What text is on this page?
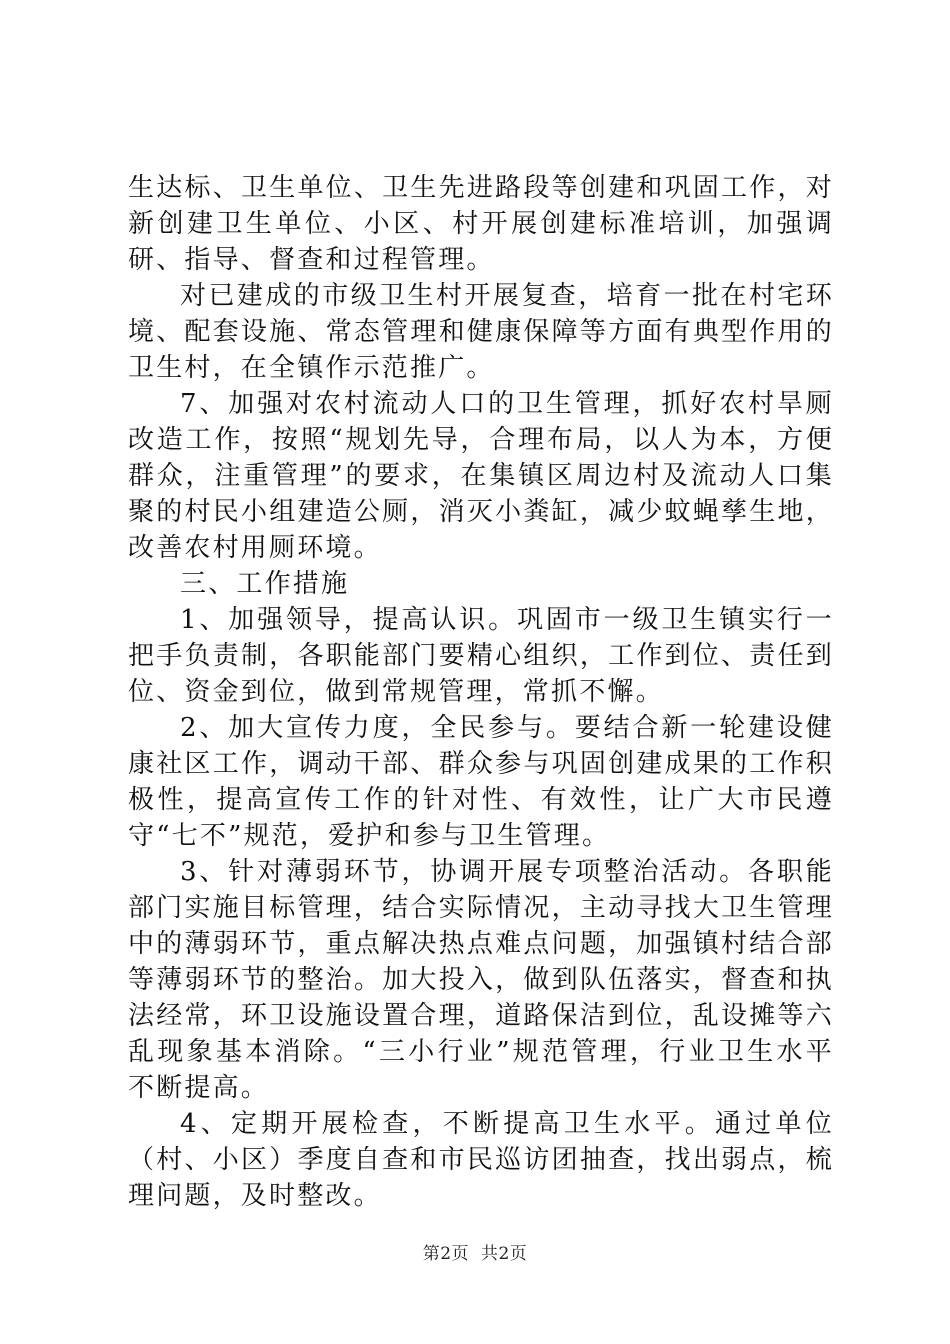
生达标、卫生单位、卫生先进路段等创建和巩固工作，对新创建卫生单位、小区、村开展创建标准培训，加强调研、指导、督查和过程管理。

对已建成的市级卫生村开展复查，培育一批在村宅环境、配套设施、常态管理和健康保障等方面有典型作用的卫生村，在全镇作示范推广。

7、加强对农村流动人口的卫生管理，抓好农村旱厕改造工作，按照“规划先导，合理布局，以人为本，方便群众，注重管理”的要求，在集镇区周边村及流动人口集聚的村民小组建造公厕，消灭小粪缸，减少蚊蝇孳生地，改善农村用厕环境。

三、工作措施

1、加强领导，提高认识。巩固市一级卫生镇实行一把手负责制，各职能部门要精心组织，工作到位、责任到位、资金到位，做到常规管理，常抓不懈。

2、加大宣传力度，全民参与。要结合新一轮建设健康社区工作，调动干部、群众参与巩固创建成果的工作积极性，提高宣传工作的针对性、有效性，让广大市民遵守“七不”规范，爱护和参与卫生管理。

3、针对薄弱环节，协调开展专项整治活动。各职能部门实施目标管理，结合实际情况，主动寻找大卫生管理中的薄弱环节，重点解决热点难点问题，加强镇村结合部等薄弱环节的整治。加大投入，做到队伍落实，督查和执法经常，环卫设施设置合理，道路保洁到位，乱设摊等六乱现象基本消除。“三小行业”规范管理，行业卫生水平不断提高。

4、定期开展检查，不断提高卫生水平。通过单位（村、小区）季度自查和市民巡访团抽查，找出弱点，梳理问题，及时整改。

第2页 共2页
